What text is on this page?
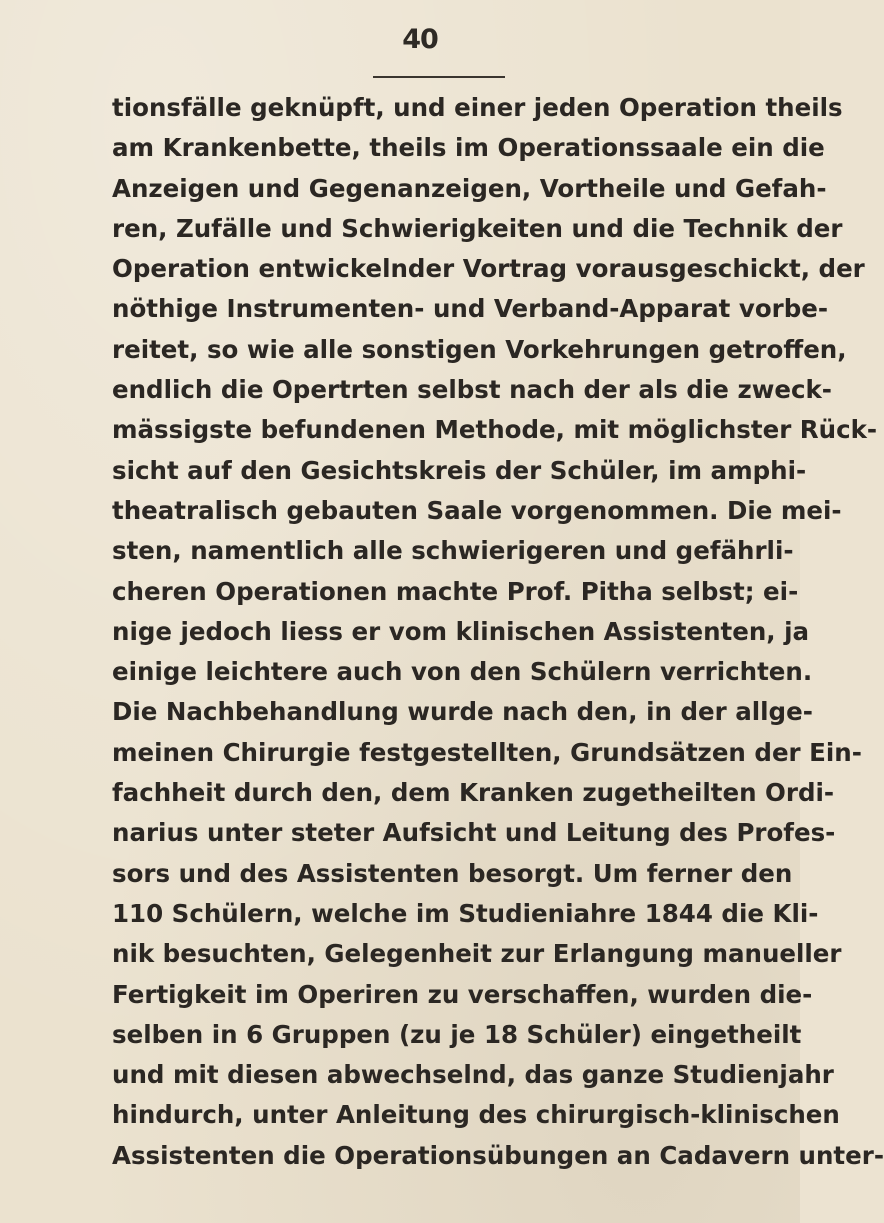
40
tionsfälle geknüpft, und einer jeden Operation theils
am Krankenbette, theils im Operationssaale ein die
Anzeigen und Gegenanzeigen, Vortheile und Gefah-
ren, Zufälle und Schwierigkeiten und die Technik der
Operation entwickelnder Vortrag vorausgeschickt, der
nöthige Instrumenten- und Verband-Apparat vorbe-
reitet, so wie alle sonstigen Vorkehrungen getroffen,
endlich die Opertrten selbst nach der als die zweck-
mässigste befundenen Methode, mit möglichster Rück-
sicht auf den Gesichtskreis der Schüler, im amphi-
theatralisch gebauten Saale vorgenommen. Die mei-
sten, namentlich alle schwierigeren und gefährli-
cheren Operationen machte Prof. Pitha selbst; ei-
nige jedoch liess er vom klinischen Assistenten, ja
einige leichtere auch von den Schülern verrichten.
Die Nachbehandlung wurde nach den, in der allge-
meinen Chirurgie festgestellten, Grundsätzen der Ein-
fachheit durch den, dem Kranken zugetheilten Ordi-
narius unter steter Aufsicht und Leitung des Profes-
sors und des Assistenten besorgt. Um ferner den
110 Schülern, welche im Studieniahre 1844 die Kli-
nik besuchten, Gelegenheit zur Erlangung manueller
Fertigkeit im Operiren zu verschaffen, wurden die-
selben in 6 Gruppen (zu je 18 Schüler) eingetheilt
und mit diesen abwechselnd, das ganze Studienjahr
hindurch, unter Anleitung des chirurgisch-klinischen
Assistenten die Operationsübungen an Cadavern unter-
